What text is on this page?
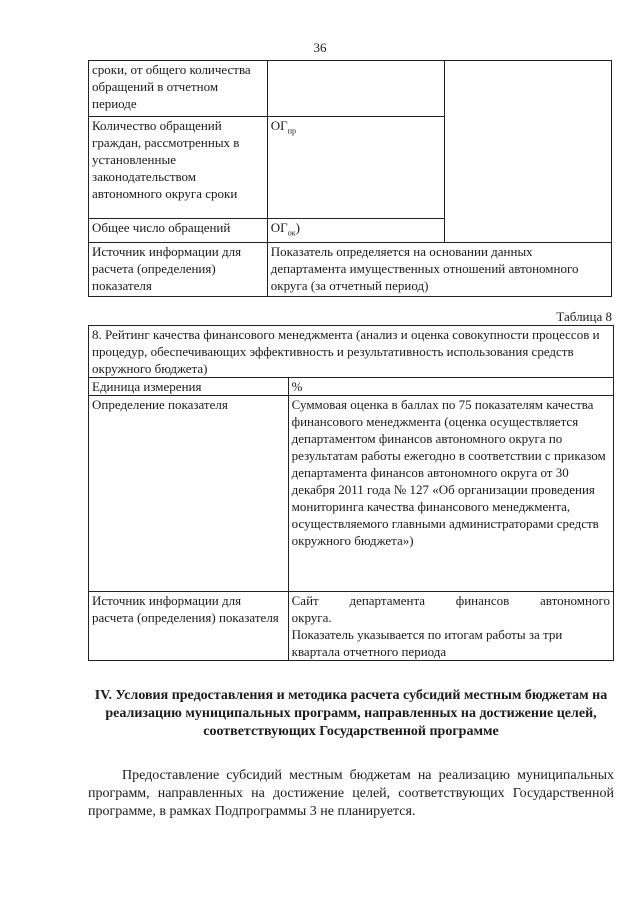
36
сроки, от общего количества обращений в отчетном периоде		
Количество обращений граждан, рассмотренных в установленные законодательством автономного округа сроки	$ОГ_{пр}$
Общее число обращений	$ОГ_{ок}$)	
Источник информации для расчета (определения) показателя	Показатель определяется на основании данных департамента имущественных отношений автономного округа (за отчетный период)	
Таблица 8
8. Рейтинг качества финансового менеджмента (анализ и оценка совокупности процессов и процедур, обеспечивающих эффективность и результативность использования средств окружного бюджета)	
Единица измерения	%
Определение показателя	Суммовая оценка в баллах по 75 показателям качества финансового менеджмента (оценка осуществляется департаментом финансов автономного округа по результатам работы ежегодно в соответствии с приказом департамента финансов автономного округа от 30 декабря 2011 года № 127 «Об организации проведения мониторинга качества финансового менеджмента, осуществляемого главными администраторами средств окружного бюджета»)
Источник информации для расчета (определения) показателя	Сайт департамента финансов автономного округа.
Показатель указывается по итогам работы за три квартала отчетного периода
IV. Условия предоставления и методика расчета субсидий местным бюджетам на реализацию муниципальных программ, направленных на достижение целей, соответствующих Государственной программе
Предоставление субсидий местным бюджетам на реализацию муниципальных программ, направленных на достижение целей, соответствующих Государственной программе, в рамках Подпрограммы 3 не планируется.
